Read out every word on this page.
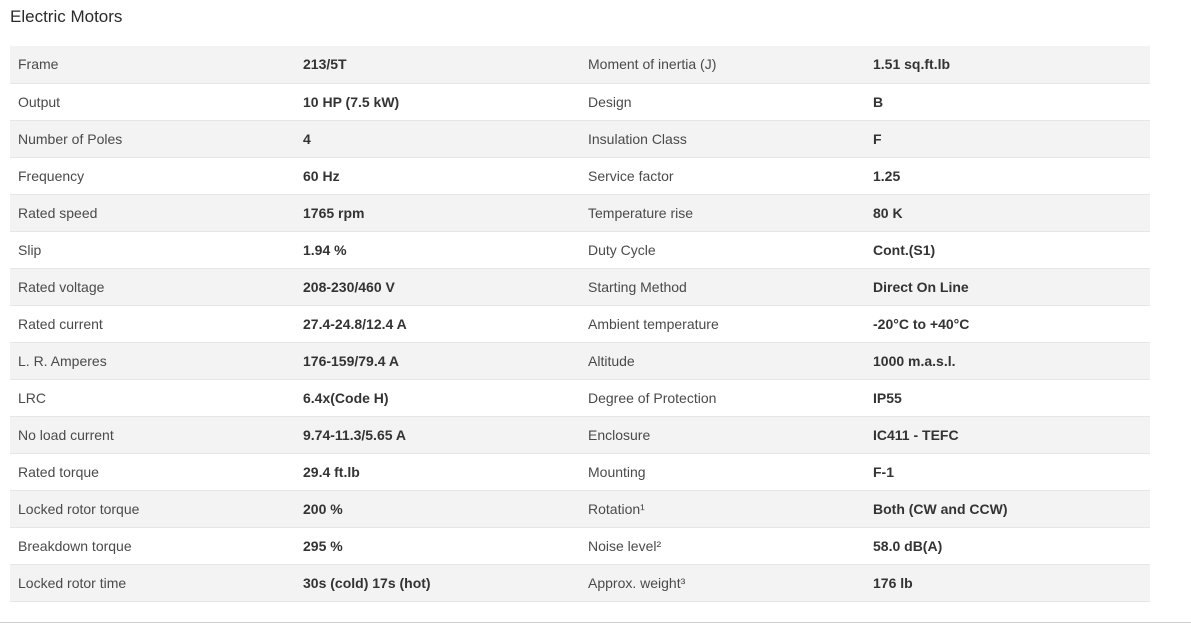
Electric Motors
Frame	213/5T	Moment of inertia (J)	1.51 sq.ft.lb
Output	10 HP (7.5 kW)	Design	B
Number of Poles	4	Insulation Class	F
Frequency	60 Hz	Service factor	1.25
Rated speed	1765 rpm	Temperature rise	80 K
Slip	1.94 %	Duty Cycle	Cont.(S1)
Rated voltage	208-230/460 V	Starting Method	Direct On Line
Rated current	27.4-24.8/12.4 A	Ambient temperature	-20°C to +40°C
L. R. Amperes	176-159/79.4 A	Altitude	1000 m.a.s.l.
LRC	6.4x(Code H)	Degree of Protection	IP55
No load current	9.74-11.3/5.65 A	Enclosure	IC411 - TEFC
Rated torque	29.4 ft.lb	Mounting	F-1
Locked rotor torque	200 %	Rotation¹	Both (CW and CCW)
Breakdown torque	295 %	Noise level²	58.0 dB(A)
Locked rotor time	30s (cold) 17s (hot)	Approx. weight³	176 lb
